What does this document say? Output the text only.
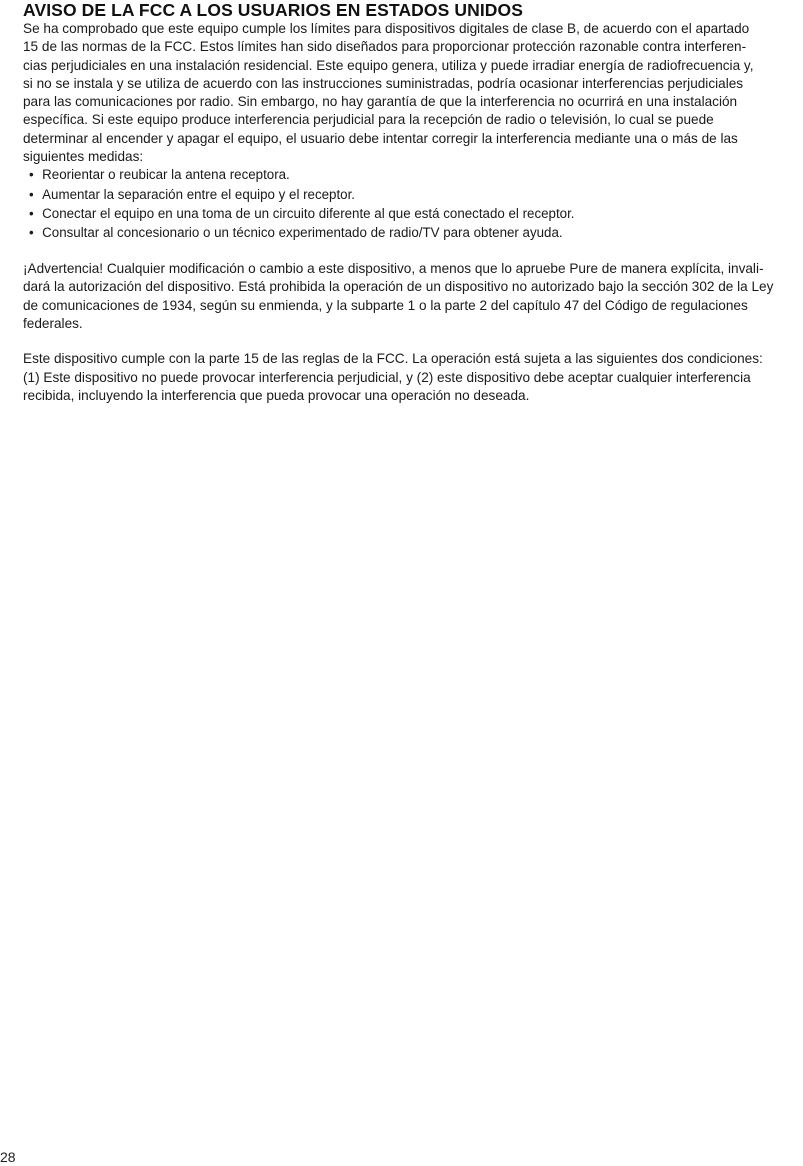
AVISO DE LA FCC A LOS USUARIOS EN ESTADOS UNIDOS

Se ha comprobado que este equipo cumple los límites para dispositivos digitales de clase B, de acuerdo con el apartado
15 de las normas de la FCC. Estos límites han sido diseñados para proporcionar protección razonable contra interferen-
cias perjudiciales en una instalación residencial. Este equipo genera, utiliza y puede irradiar energía de radiofrecuencia y,
si no se instala y se utiliza de acuerdo con las instrucciones suministradas, podría ocasionar interferencias perjudiciales
para las comunicaciones por radio. Sin embargo, no hay garantía de que la interferencia no ocurrirá en una instalación
específica. Si este equipo produce interferencia perjudicial para la recepción de radio o televisión, lo cual se puede
determinar al encender y apagar el equipo, el usuario debe intentar corregir la interferencia mediante una o más de las
siguientes medidas:

• Reorientar o reubicar la antena receptora.
• Aumentar la separación entre el equipo y el receptor.
• Conectar el equipo en una toma de un circuito diferente al que está conectado el receptor.
• Consultar al concesionario o un técnico experimentado de radio/TV para obtener ayuda.

¡Advertencia! Cualquier modificación o cambio a este dispositivo, a menos que lo apruebe Pure de manera explícita, invali-
dará la autorización del dispositivo. Está prohibida la operación de un dispositivo no autorizado bajo la sección 302 de la Ley
de comunicaciones de 1934, según su enmienda, y la subparte 1 o la parte 2 del capítulo 47 del Código de regulaciones
federales.

Este dispositivo cumple con la parte 15 de las reglas de la FCC. La operación está sujeta a las siguientes dos condiciones:
(1) Este dispositivo no puede provocar interferencia perjudicial, y (2) este dispositivo debe aceptar cualquier interferencia
recibida, incluyendo la interferencia que pueda provocar una operación no deseada.

28
